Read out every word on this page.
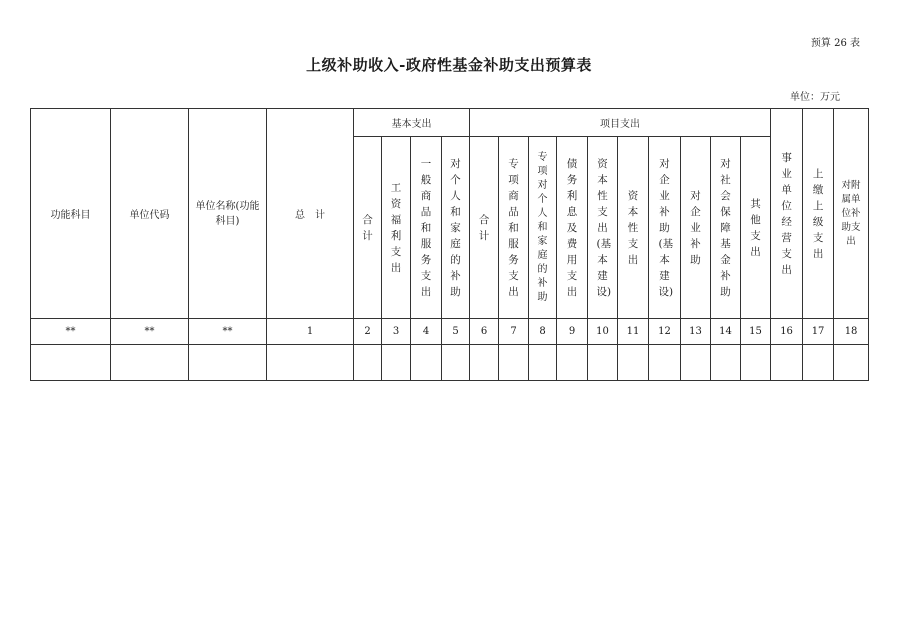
预算 26 表
上级补助收入-政府性基金补助支出预算表
单位：万元
功能科目	单位代码	单位名称(功能科目)	总　计	基本支出				项目支出										事业单位经营支出	上缴上级支出	对附属单位补助支出
				合计	工资福利支出	一般商品和服务支出	对个人和家庭的补助	合计	专项商品和服务支出	专项对个人和家庭的补助	债务利息及费用支出	资本性支出(基本建设)	资本性支出	对企业补助(基本建设)	对企业补助	对社会保障基金补助	其他支出			
**	**	**	1	2	3	4	5	6	7	8	9	10	11	12	13	14	15	16	17	18
